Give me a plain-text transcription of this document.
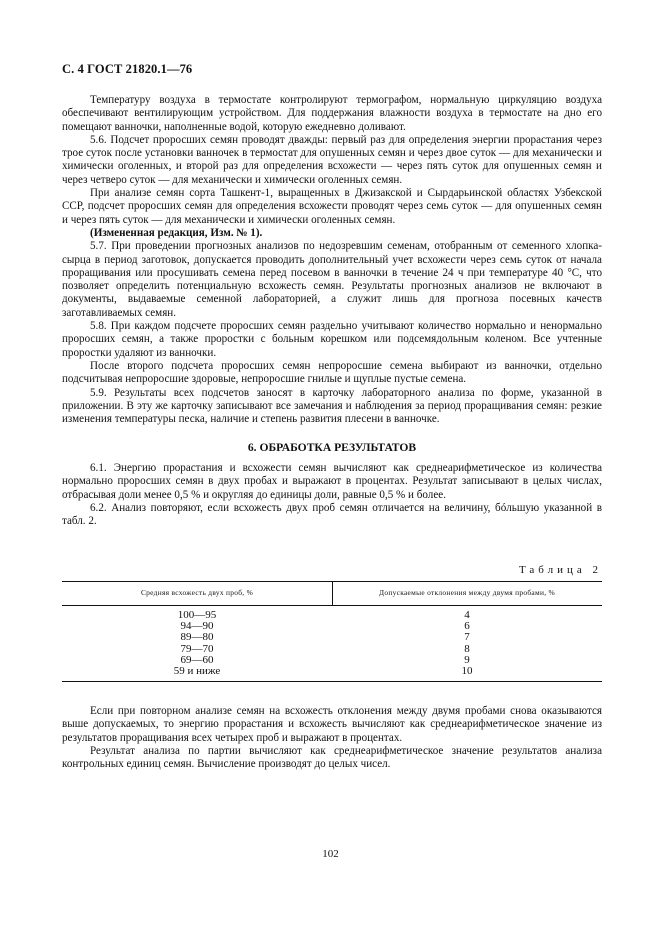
С. 4 ГОСТ 21820.1—76

Температуру воздуха в термостате контролируют термографом, нормальную циркуляцию воздуха обеспечивают вентилирующим устройством. Для поддержания влажности воздуха в термостате на дно его помещают ванночки, наполненные водой, которую ежедневно доливают.

5.6. Подсчет проросших семян проводят дважды: первый раз для определения энергии прорастания через трое суток после установки ванночек в термостат для опушенных семян и через двое суток — для механически и химически оголенных, и второй раз для определения всхожести — через пять суток для опушенных семян и через четверо суток — для механически и химически оголенных семян.

При анализе семян сорта Ташкент-1, выращенных в Джизакской и Сырдарьинской областях Узбекской ССР, подсчет проросших семян для определения всхожести проводят через семь суток — для опушенных семян и через пять суток — для механически и химически оголенных семян.

(Измененная редакция, Изм. № 1).

5.7. При проведении прогнозных анализов по недозревшим семенам, отобранным от семенного хлопка-сырца в период заготовок, допускается проводить дополнительный учет всхожести через семь суток от начала проращивания или просушивать семена перед посевом в ванночки в течение 24 ч при температуре 40 °С, что позволяет определить потенциальную всхожесть семян. Результаты прогнозных анализов не включают в документы, выдаваемые семенной лабораторией, а служит лишь для прогноза посевных качеств заготавливаемых семян.

5.8. При каждом подсчете проросших семян раздельно учитывают количество нормально и ненормально проросших семян, а также проростки с больным корешком или подсемядольным коленом. Все учтенные проростки удаляют из ванночки.

После второго подсчета проросших семян непроросшие семена выбирают из ванночки, отдельно подсчитывая непроросшие здоровые, непроросшие гнилые и щуплые пустые семена.

5.9. Результаты всех подсчетов заносят в карточку лабораторного анализа по форме, указанной в приложении. В эту же карточку записывают все замечания и наблюдения за период проращивания семян: резкие изменения температуры песка, наличие и степень развития плесени в ванночке.

6. ОБРАБОТКА РЕЗУЛЬТАТОВ

6.1. Энергию прорастания и всхожести семян вычисляют как среднеарифметическое из количества нормально проросших семян в двух пробах и выражают в процентах. Результат записывают в целых числах, отбрасывая доли менее 0,5 % и округляя до единицы доли, равные 0,5 % и более.

6.2. Анализ повторяют, если всхожесть двух проб семян отличается на величину, бóльшую указанной в табл. 2.

Таблица 2
Средняя всхожесть двух проб, %	Допускаемые отклонения между двумя пробами, %
100—95
94—90
89—80
79—70
69—60
59 и ниже
4
6
7
8
9
10

Если при повторном анализе семян на всхожесть отклонения между двумя пробами снова оказываются выше допускаемых, то энергию прорастания и всхожесть вычисляют как среднеарифметическое значение из результатов проращивания всех четырех проб и выражают в процентах.

Результат анализа по партии вычисляют как среднеарифметическое значение результатов анализа контрольных единиц семян. Вычисление производят до целых чисел.

102
